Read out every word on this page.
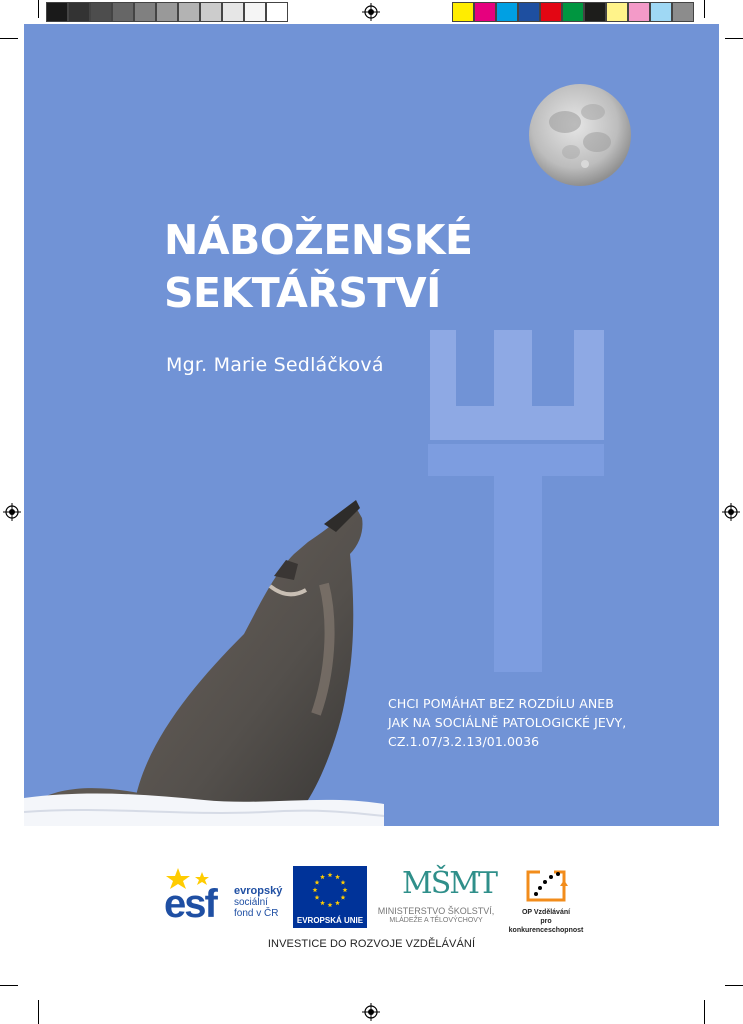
NÁBOŽENSKÉ
SEKTÁŘSTVÍ

Mgr. Marie Sedláčková

CHCI POMÁHAT BEZ ROZDÍLU ANEB
JAK NA SOCIÁLNĚ PATOLOGICKÉ JEVY,
CZ.1.07/3.2.13/01.0036
esf evropský
sociální
fond v ČR
EVROPSKÁ UNIE
MŠMT
MINISTERSTVO ŠKOLSTVÍ,
MLÁDEŽE A TĚLOVÝCHOVY
OP Vzdělávání
pro konkurenceschopnost
INVESTICE DO ROZVOJE VZDĚLÁVÁNÍ
